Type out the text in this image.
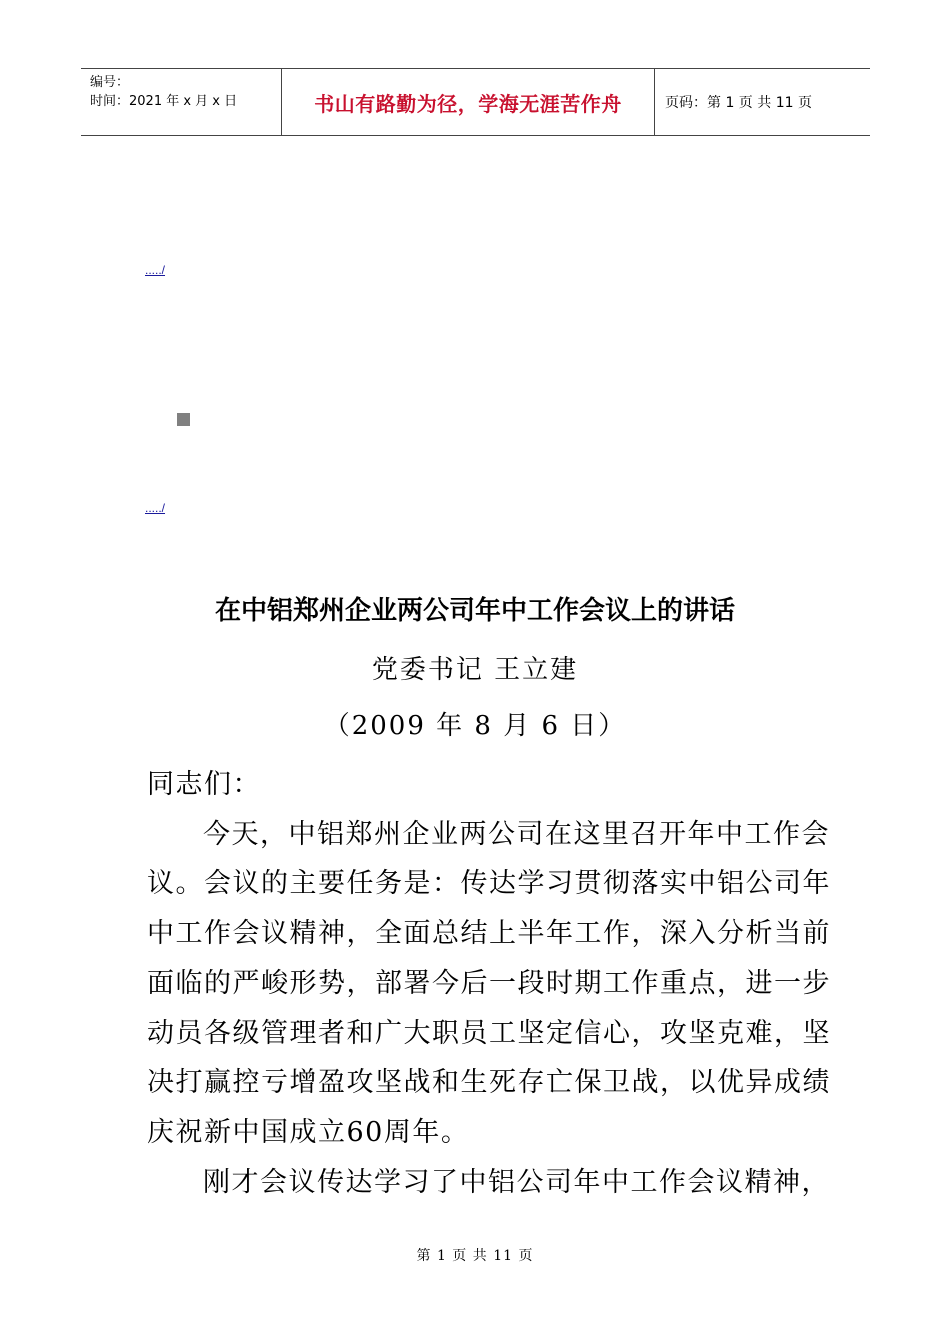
编号：
时间：2021 年 x 月 x 日	书山有路勤为径，学海无涯苦作舟	页码：第 1 页 共 11 页
...../
...../
在中铝郑州企业两公司年中工作会议上的讲话
党委书记 王立建
（2009 年 8 月 6 日）

同志们：

今天，中铝郑州企业两公司在这里召开年中工作会议。会议的主要任务是：传达学习贯彻落实中铝公司年中工作会议精神，全面总结上半年工作，深入分析当前面临的严峻形势，部署今后一段时期工作重点，进一步动员各级管理者和广大职员工坚定信心，攻坚克难，坚决打赢控亏增盈攻坚战和生死存亡保卫战，以优异成绩庆祝新中国成立60周年。

刚才会议传达学习了中铝公司年中工作会议精神，

第 1 页 共 11 页
